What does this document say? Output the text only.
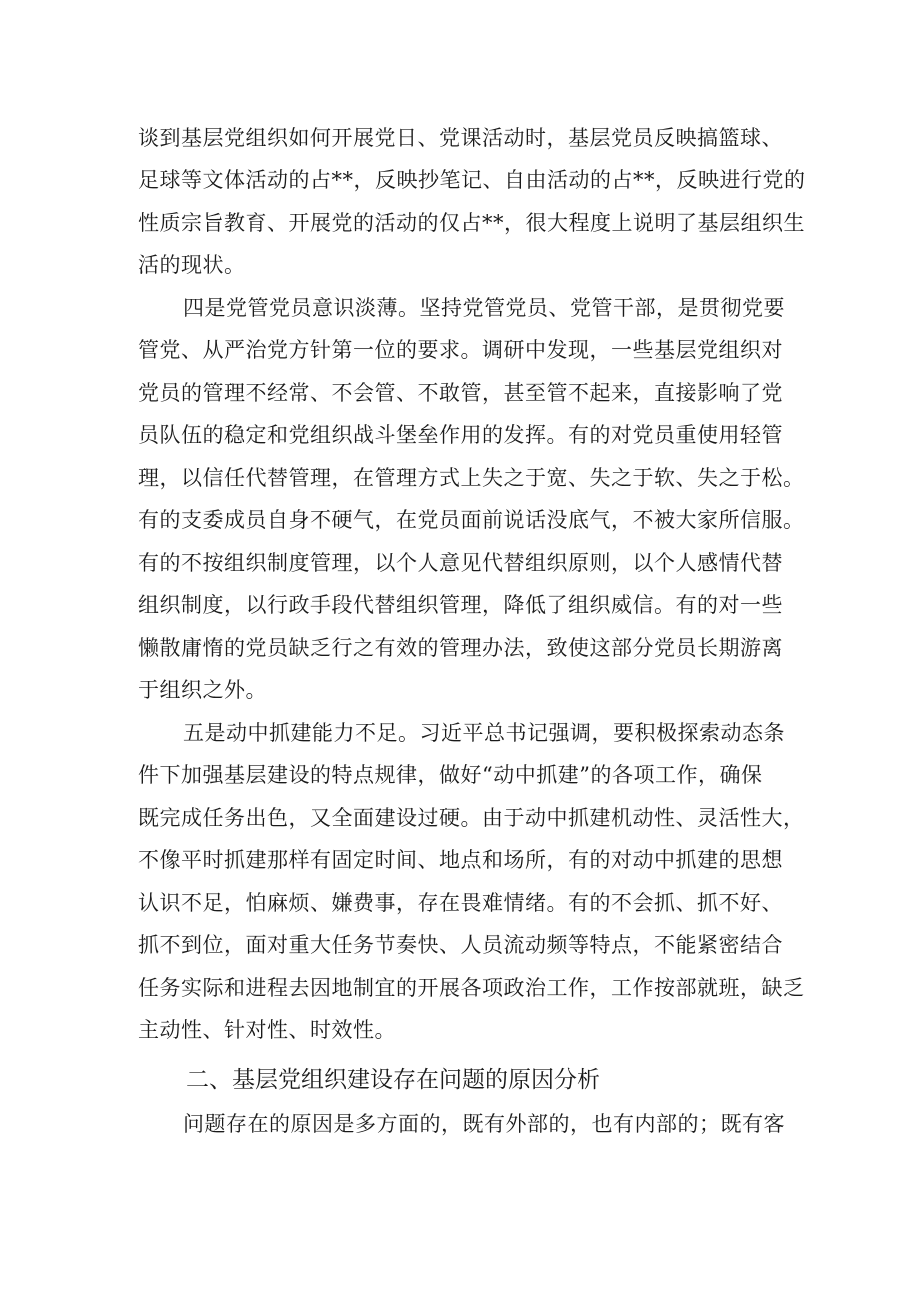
谈到基层党组织如何开展党日、党课活动时，基层党员反映搞篮球、
足球等文体活动的占**，反映抄笔记、自由活动的占**，反映进行党的
性质宗旨教育、开展党的活动的仅占**，很大程度上说明了基层组织生
活的现状。
四是党管党员意识淡薄。坚持党管党员、党管干部，是贯彻党要
管党、从严治党方针第一位的要求。调研中发现，一些基层党组织对
党员的管理不经常、不会管、不敢管，甚至管不起来，直接影响了党
员队伍的稳定和党组织战斗堡垒作用的发挥。有的对党员重使用轻管
理，以信任代替管理，在管理方式上失之于宽、失之于软、失之于松。
有的支委成员自身不硬气，在党员面前说话没底气，不被大家所信服。
有的不按组织制度管理，以个人意见代替组织原则，以个人感情代替
组织制度，以行政手段代替组织管理，降低了组织威信。有的对一些
懒散庸惰的党员缺乏行之有效的管理办法，致使这部分党员长期游离
于组织之外。
五是动中抓建能力不足。习近平总书记强调，要积极探索动态条
件下加强基层建设的特点规律，做好“动中抓建”的各项工作，确保
既完成任务出色，又全面建设过硬。由于动中抓建机动性、灵活性大，
不像平时抓建那样有固定时间、地点和场所，有的对动中抓建的思想
认识不足，怕麻烦、嫌费事，存在畏难情绪。有的不会抓、抓不好、
抓不到位，面对重大任务节奏快、人员流动频等特点，不能紧密结合
任务实际和进程去因地制宜的开展各项政治工作，工作按部就班，缺乏
主动性、针对性、时效性。
二、基层党组织建设存在问题的原因分析
问题存在的原因是多方面的，既有外部的，也有内部的；既有客
